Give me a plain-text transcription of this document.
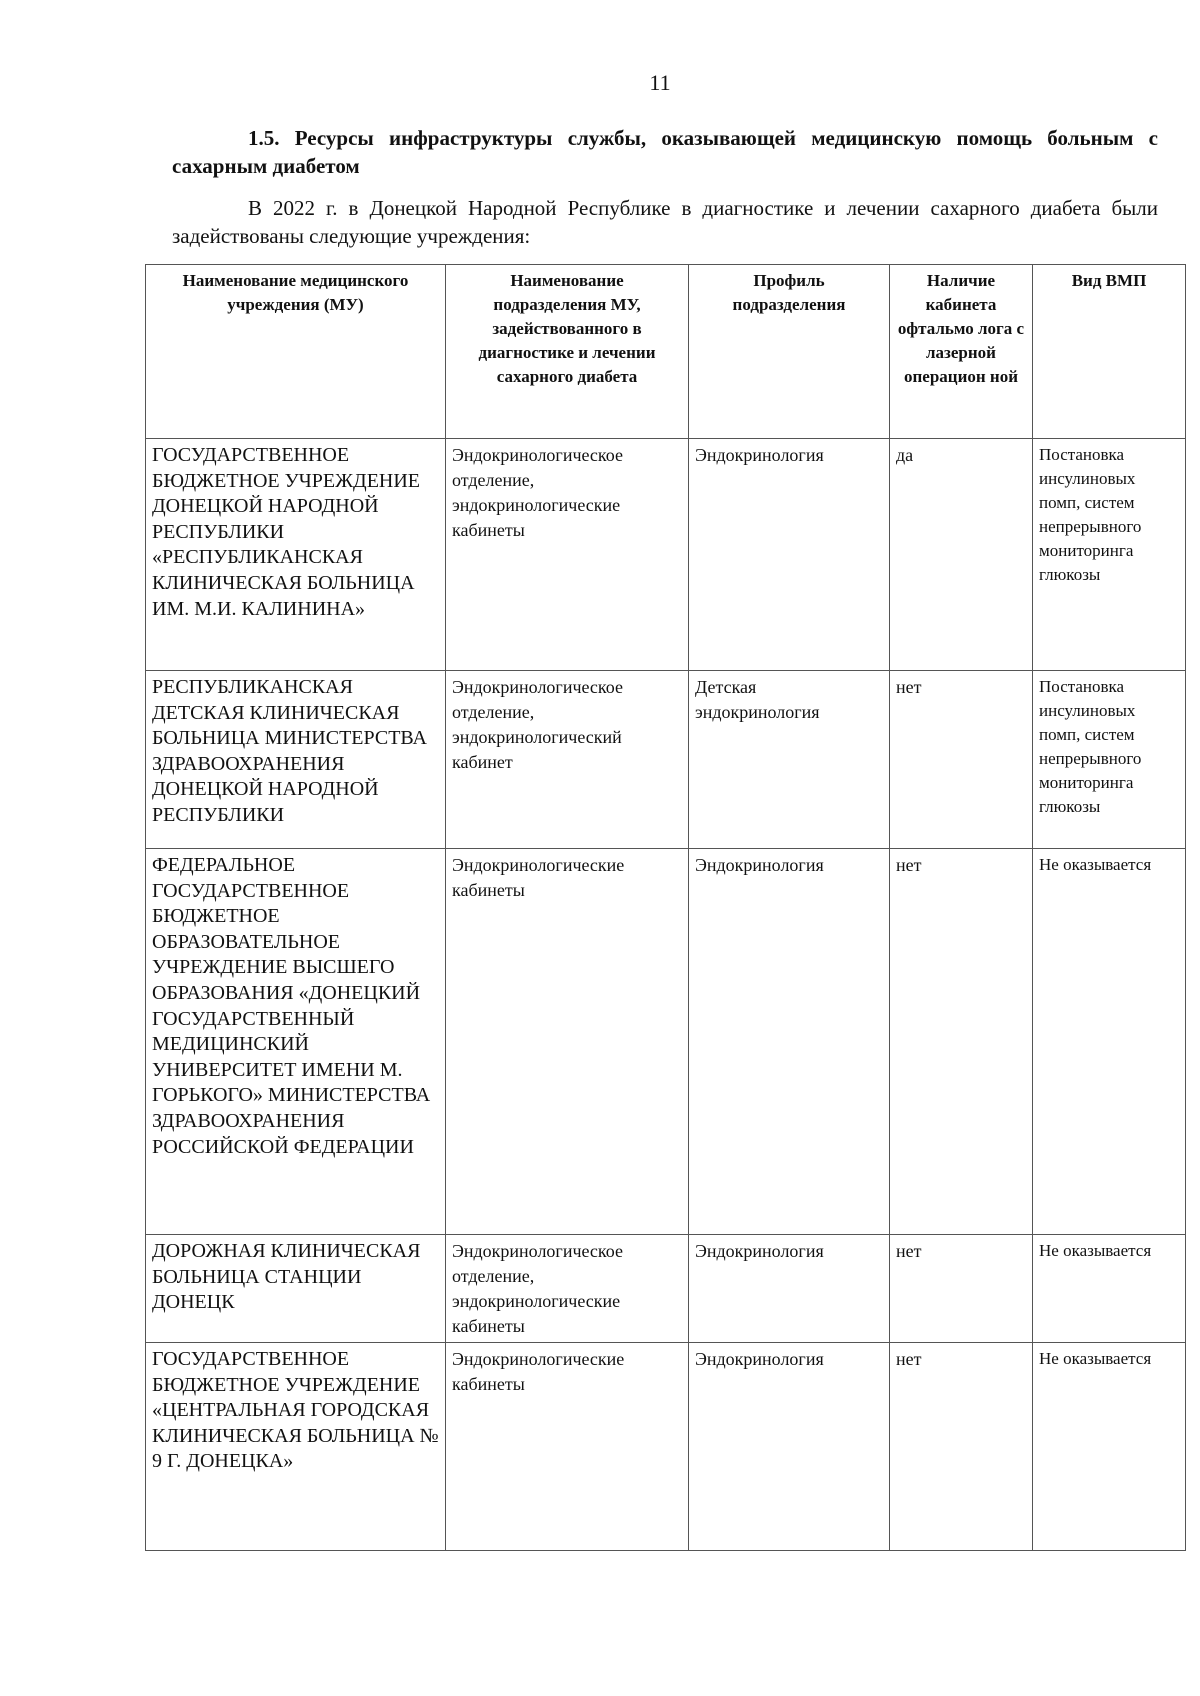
11
1.5. Ресурсы инфраструктуры службы, оказывающей медицинскую помощь больным с сахарным диабетом
В 2022 г. в Донецкой Народной Республике в диагностике и лечении сахарного диабета были задействованы следующие учреждения:
Наименование медицинского учреждения (МУ)	Наименование подразделения МУ, задействованного в диагностике и лечении сахарного диабета	Профиль подразделения	Наличие кабинета офтальмо лога с лазерной операцион ной	Вид ВМП
ГОСУДАРСТВЕННОЕ БЮДЖЕТНОЕ УЧРЕЖДЕНИЕ ДОНЕЦКОЙ НАРОДНОЙ РЕСПУБЛИКИ «РЕСПУБЛИКАНСКАЯ КЛИНИЧЕСКАЯ БОЛЬНИЦА ИМ. М.И. КАЛИНИНА»	Эндокринологическое отделение, эндокринологические кабинеты	Эндокринология	да	Постановка инсулиновых помп, систем непрерывного мониторинга глюкозы
РЕСПУБЛИКАНСКАЯ ДЕТСКАЯ КЛИНИЧЕСКАЯ БОЛЬНИЦА МИНИСТЕРСТВА ЗДРАВООХРАНЕНИЯ ДОНЕЦКОЙ НАРОДНОЙ РЕСПУБЛИКИ	Эндокринологическое отделение, эндокринологический кабинет	Детская эндокринология	нет	Постановка инсулиновых помп, систем непрерывного мониторинга глюкозы
ФЕДЕРАЛЬНОЕ ГОСУДАРСТВЕННОЕ БЮДЖЕТНОЕ ОБРАЗОВАТЕЛЬНОЕ УЧРЕЖДЕНИЕ ВЫСШЕГО ОБРАЗОВАНИЯ «ДОНЕЦКИЙ ГОСУДАРСТВЕННЫЙ МЕДИЦИНСКИЙ УНИВЕРСИТЕТ ИМЕНИ М. ГОРЬКОГО» МИНИСТЕРСТВА ЗДРАВООХРАНЕНИЯ РОССИЙСКОЙ ФЕДЕРАЦИИ	Эндокринологические кабинеты	Эндокринология	нет	Не оказывается
ДОРОЖНАЯ КЛИНИЧЕСКАЯ БОЛЬНИЦА СТАНЦИИ ДОНЕЦК	Эндокринологическое отделение, эндокринологические кабинеты	Эндокринология	нет	Не оказывается
ГОСУДАРСТВЕННОЕ БЮДЖЕТНОЕ УЧРЕЖДЕНИЕ «ЦЕНТРАЛЬНАЯ ГОРОДСКАЯ КЛИНИЧЕСКАЯ БОЛЬНИЦА № 9 Г. ДОНЕЦКА»	Эндокринологические кабинеты	Эндокринология	нет	Не оказывается
